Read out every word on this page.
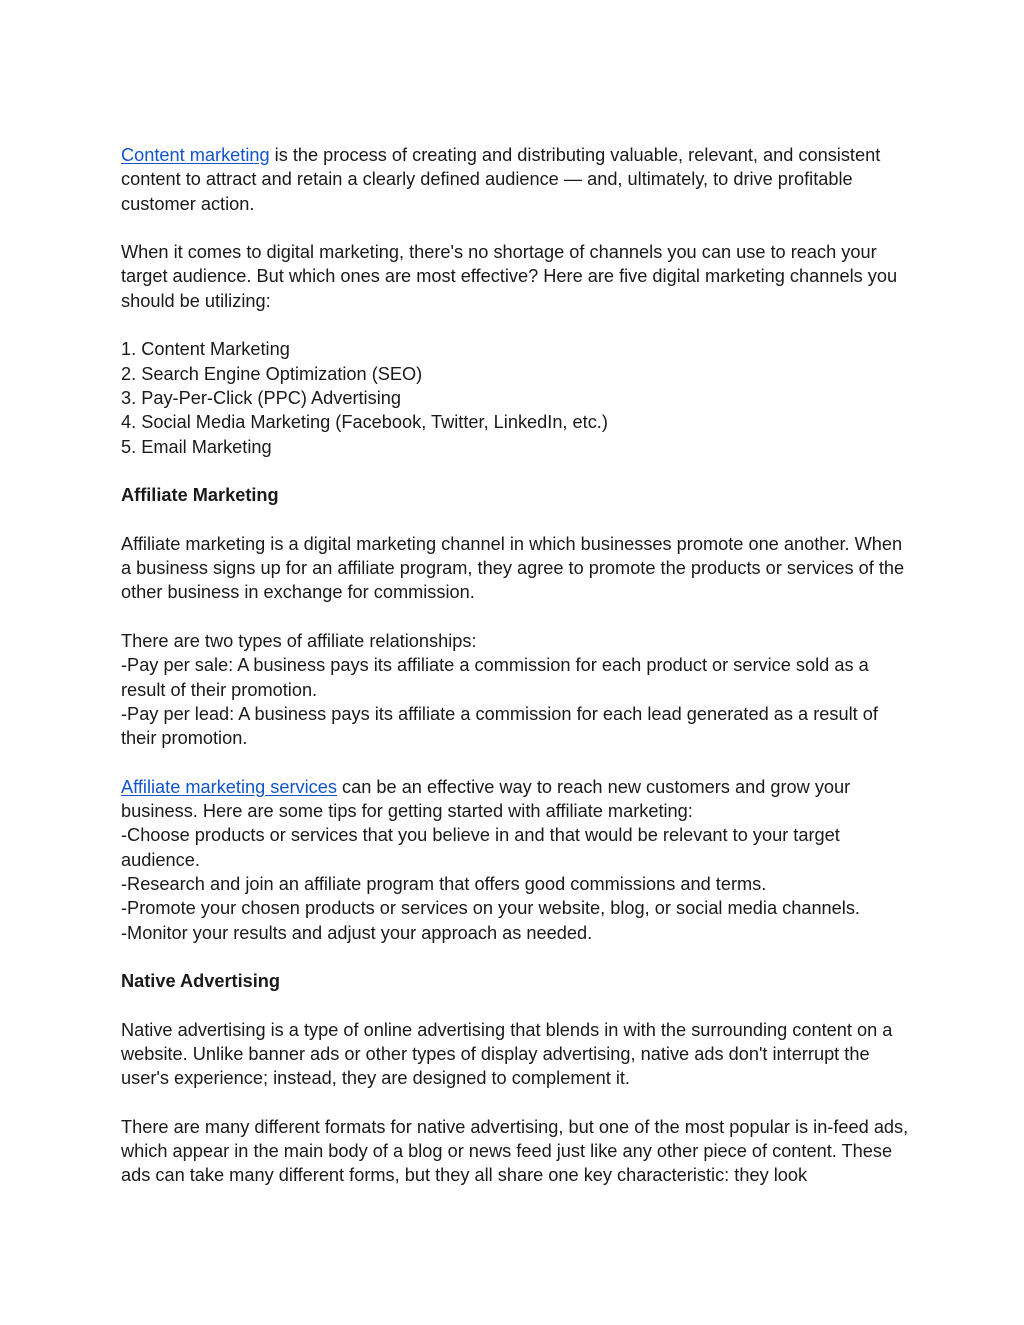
Content marketing is the process of creating and distributing valuable, relevant, and consistent content to attract and retain a clearly defined audience — and, ultimately, to drive profitable customer action.

When it comes to digital marketing, there's no shortage of channels you can use to reach your target audience. But which ones are most effective? Here are five digital marketing channels you should be utilizing:

1. Content Marketing

2. Search Engine Optimization (SEO)

3. Pay-Per-Click (PPC) Advertising

4. Social Media Marketing (Facebook, Twitter, LinkedIn, etc.)

5. Email Marketing

Affiliate Marketing

Affiliate marketing is a digital marketing channel in which businesses promote one another. When a business signs up for an affiliate program, they agree to promote the products or services of the other business in exchange for commission.

There are two types of affiliate relationships:

-Pay per sale: A business pays its affiliate a commission for each product or service sold as a result of their promotion.

-Pay per lead: A business pays its affiliate a commission for each lead generated as a result of their promotion.

Affiliate marketing services can be an effective way to reach new customers and grow your business. Here are some tips for getting started with affiliate marketing:

-Choose products or services that you believe in and that would be relevant to your target audience.

-Research and join an affiliate program that offers good commissions and terms.

-Promote your chosen products or services on your website, blog, or social media channels.

-Monitor your results and adjust your approach as needed.

Native Advertising

Native advertising is a type of online advertising that blends in with the surrounding content on a website. Unlike banner ads or other types of display advertising, native ads don't interrupt the user's experience; instead, they are designed to complement it.

There are many different formats for native advertising, but one of the most popular is in-feed ads, which appear in the main body of a blog or news feed just like any other piece of content. These ads can take many different forms, but they all share one key characteristic: they look
